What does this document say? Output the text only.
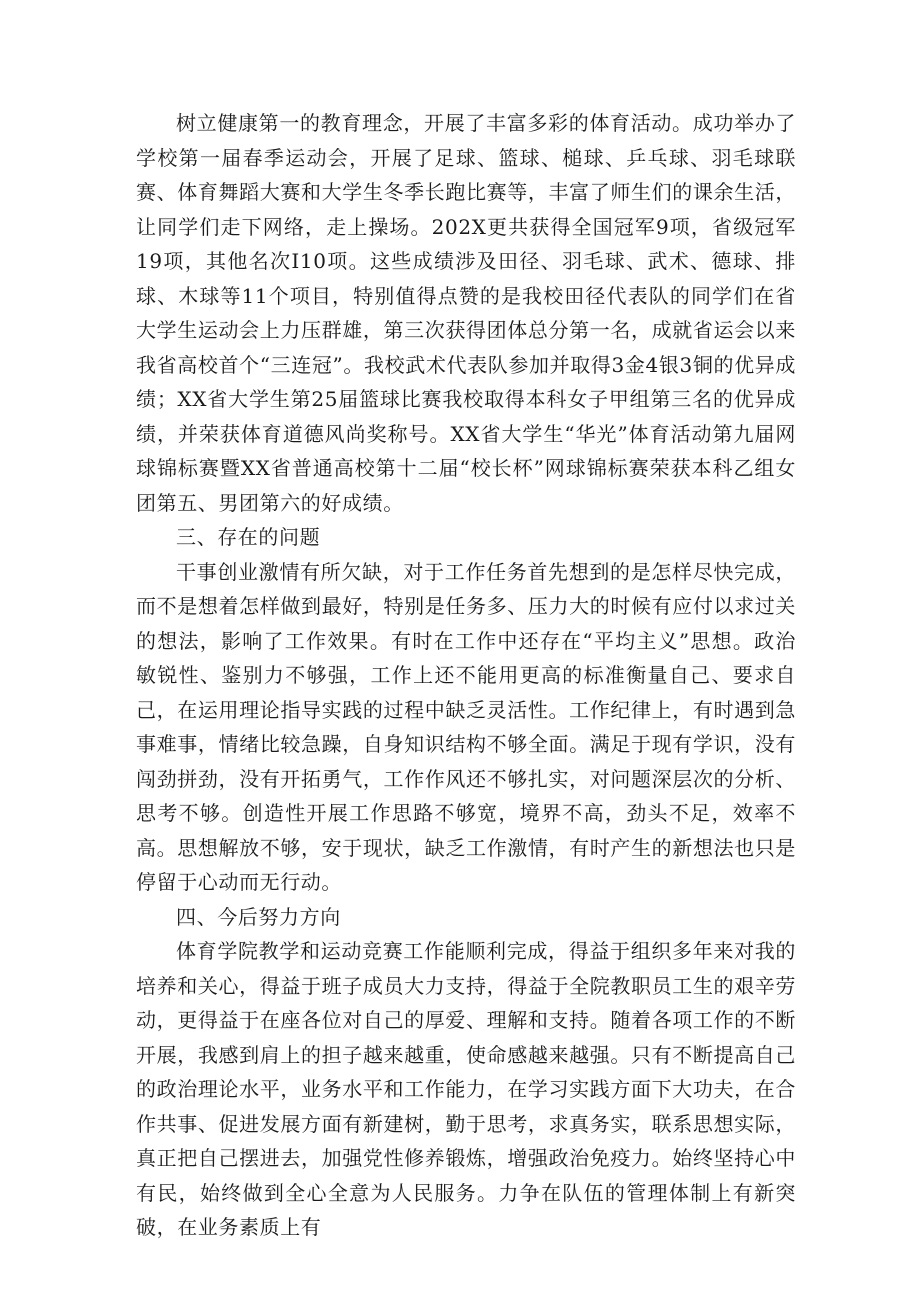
树立健康第一的教育理念，开展了丰富多彩的体育活动。成功举办了学校第一届春季运动会，开展了足球、篮球、槌球、乒乓球、羽毛球联赛、体育舞蹈大赛和大学生冬季长跑比赛等，丰富了师生们的课余生活，让同学们走下网络，走上操场。202X更共获得全国冠军9项，省级冠军19项，其他名次I10项。这些成绩涉及田径、羽毛球、武术、德球、排球、木球等11个项目，特别值得点赞的是我校田径代表队的同学们在省大学生运动会上力压群雄，第三次获得团体总分第一名，成就省运会以来我省高校首个“三连冠”。我校武术代表队参加并取得3金4银3铜的优异成绩；XX省大学生第25届篮球比赛我校取得本科女子甲组第三名的优异成绩，并荣获体育道德风尚奖称号。XX省大学生“华光”体育活动第九届网球锦标赛暨XX省普通高校第十二届“校长杯”网球锦标赛荣获本科乙组女团第五、男团第六的好成绩。

三、存在的问题

干事创业激情有所欠缺，对于工作任务首先想到的是怎样尽快完成，而不是想着怎样做到最好，特别是任务多、压力大的时候有应付以求过关的想法，影响了工作效果。有时在工作中还存在“平均主义”思想。政治敏锐性、鉴别力不够强，工作上还不能用更高的标准衡量自己、要求自己，在运用理论指导实践的过程中缺乏灵活性。工作纪律上，有时遇到急事难事，情绪比较急躁，自身知识结构不够全面。满足于现有学识，没有闯劲拼劲，没有开拓勇气，工作作风还不够扎实，对问题深层次的分析、思考不够。创造性开展工作思路不够宽，境界不高，劲头不足，效率不高。思想解放不够，安于现状，缺乏工作激情，有时产生的新想法也只是停留于心动而无行动。

四、今后努力方向

体育学院教学和运动竞赛工作能顺利完成，得益于组织多年来对我的培养和关心，得益于班子成员大力支持，得益于全院教职员工生的艰辛劳动，更得益于在座各位对自己的厚爱、理解和支持。随着各项工作的不断开展，我感到肩上的担子越来越重，使命感越来越强。只有不断提高自己的政治理论水平，业务水平和工作能力，在学习实践方面下大功夫，在合作共事、促进发展方面有新建树，勤于思考，求真务实，联系思想实际，真正把自己摆进去，加强党性修养锻炼，增强政治免疫力。始终坚持心中有民，始终做到全心全意为人民服务。力争在队伍的管理体制上有新突破，在业务素质上有
